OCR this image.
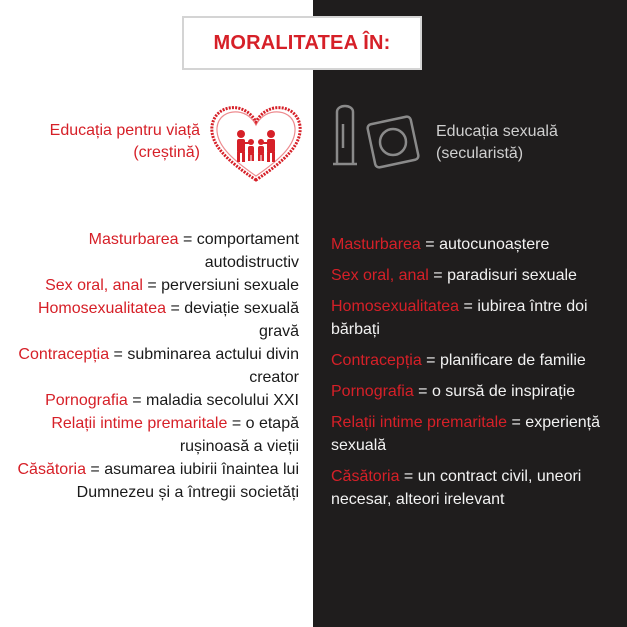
MORALITATEA ÎN:
Educația pentru viață
(creștină)
Educația sexuală
(secularistă)
Masturbarea = comportament autodistructiv
Sex oral, anal = perversiuni sexuale
Homosexualitatea = deviație sexuală gravă
Contracepția = subminarea actului divin creator
Pornografia = maladia secolului XXI
Relații intime premaritale = o etapă rușinoasă a vieții
Căsătoria = asumarea iubirii înaintea lui Dumnezeu și a întregii societăți
Masturbarea = autocunoaștere
Sex oral, anal = paradisuri sexuale
Homosexualitatea = iubirea între doi bărbați
Contracepția = planificare de familie
Pornografia = o sursă de inspirație
Relații intime premaritale = experiență sexuală
Căsătoria = un contract civil, uneori necesar, alteori irelevant
